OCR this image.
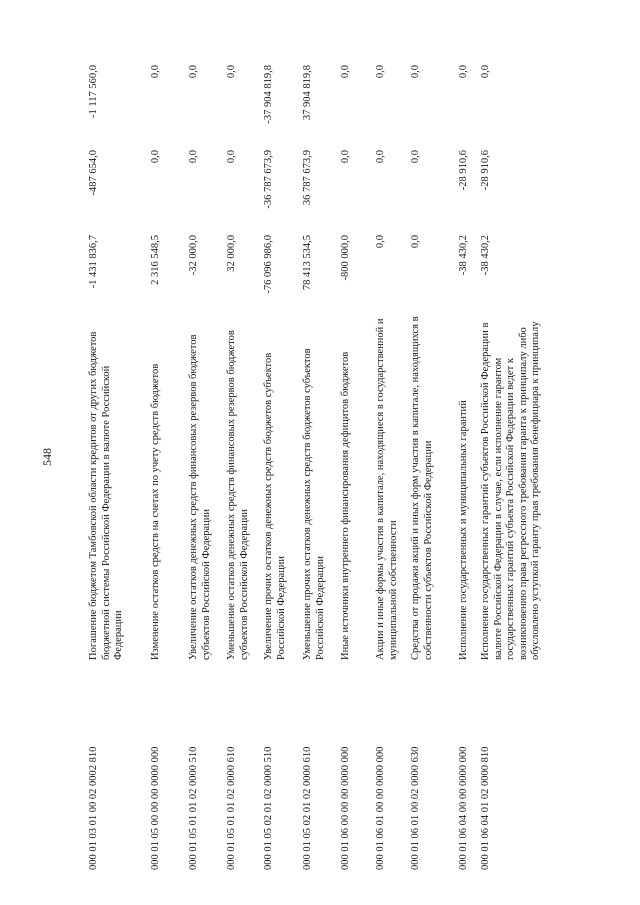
548
000 01 03 01 00 02 0002 810
Погашение бюджетом Тамбовской области кредитов от других бюджетов бюджетной системы Российской Федерации в валюте Российской Федерации
-1 431 836,7
-487 654,0
-1 117 560,0
000 01 05 00 00 00 0000 000
Изменение остатков средств на счетах по учету средств бюджетов
2 316 548,5
0,0
0,0
000 01 05 01 01 02 0000 510
Увеличение остатков денежных средств финансовых резервов бюджетов субъектов Российской Федерации
-32 000,0
0,0
0,0
000 01 05 01 01 02 0000 610
Уменьшение остатков денежных средств финансовых резервов бюджетов субъектов Российской Федерации
32 000,0
0,0
0,0
000 01 05 02 01 02 0000 510
Увеличение прочих остатков денежных средств бюджетов субъектов Российской Федерации
-76 096 986,0
-36 787 673,9
-37 904 819,8
000 01 05 02 01 02 0000 610
Уменьшение прочих остатков денежных средств бюджетов субъектов Российской Федерации
78 413 534,5
36 787 673,9
37 904 819,8
000 01 06 00 00 00 0000 000
Иные источники внутреннего финансирования дефицитов бюджетов
-800 000,0
0,0
0,0
000 01 06 01 00 00 0000 000
Акции и иные формы участия в капитале, находящиеся в государственной и муниципальной собственности
0,0
0,0
0,0
000 01 06 01 00 02 0000 630
Средства от продажи акций и иных форм участия в капитале, находящихся в собственности субъектов Российской Федерации
0,0
0,0
0,0
000 01 06 04 00 00 0000 000
Исполнение государственных и муниципальных гарантий
-38 430,2
-28 910,6
0,0
000 01 06 04 01 02 0000 810
Исполнение государственных гарантий субъектов Российской Федерации в валюте Российской Федерации в случае, если исполнение гарантом государственных гарантий субъекта Российской Федерации ведет к возникновению права регрессного требования гаранта к принципалу либо обусловлено уступкой гаранту прав требования бенефициара к принципалу
-38 430,2
-28 910,6
0,0
